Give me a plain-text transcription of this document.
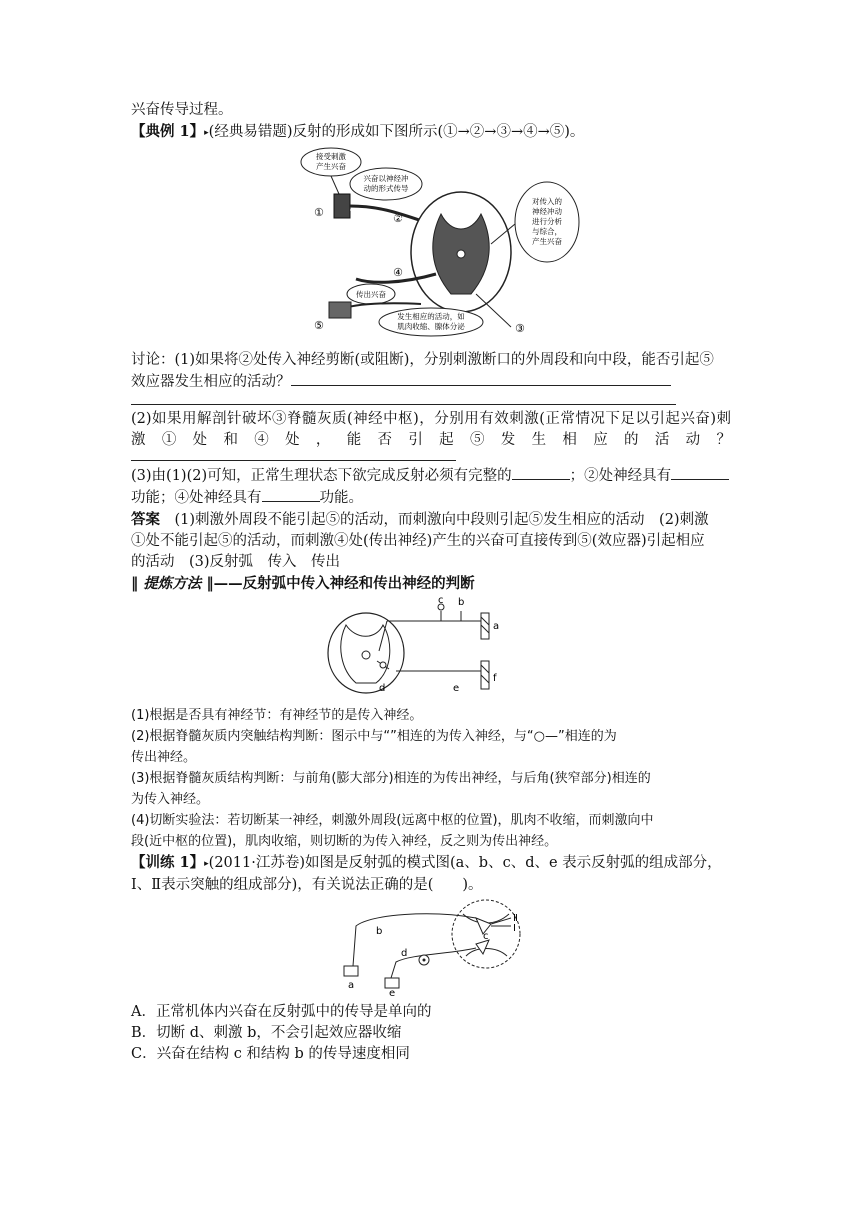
兴奋传导过程。

【典例 1】▸(经典易错题)反射的形成如下图所示(①→②→③→④→⑤)。

接受刺激
产生兴奋
①
兴奋以神经冲
动的形式传导
②
对传入的
神经冲动
进行分析
与综合，
产生兴奋
④
传出兴奋
⑤
发生相应的活动，如
肌肉收缩、腺体分泌	③

讨论：(1)如果将②处传入神经剪断(或阻断)，分别刺激断口的外周段和向中段，能否引起⑤

效应器发生相应的活动？

(2)如果用解剖针破坏③脊髓灰质(神经中枢)，分别用有效刺激(正常情况下足以引起兴奋)刺

激 ① 处 和 ④ 处 ， 能 否 引 起 ⑤ 发 生 相 应 的 活 动 ？

(3)由(1)(2)可知，正常生理状态下欲完成反射必须有完整的	；②处神经具有

功能；④处神经具有	功能。

答案　 (1)刺激外周段不能引起⑤的活动，而刺激向中段则引起⑤发生相应的活动　(2)刺激

①处不能引起⑤的活动，而刺激④处(传出神经)产生的兴奋可直接传到⑤(效应器)引起相应

的活动　(3)反射弧　传入　传出

‖ 提炼方法 ‖——反射弧中传入神经和传出神经的判断

c b
a
f
d	e

(1)根据是否具有神经节：有神经节的是传入神经。

(2)根据脊髓灰质内突触结构判断：图示中与“”相连的为传入神经，与“○—”相连的为

传出神经。

(3)根据脊髓灰质结构判断：与前角(膨大部分)相连的为传出神经，与后角(狭窄部分)相连的

为传入神经。

(4)切断实验法：若切断某一神经，刺激外周段(远离中枢的位置)，肌肉不收缩，而刺激向中

段(近中枢的位置)，肌肉收缩，则切断的为传入神经，反之则为传出神经。

【训练 1】▸(2011·江苏卷)如图是反射弧的模式图(a、b、c、d、e 表示反射弧的组成部分，

Ⅰ、Ⅱ表示突触的组成部分)，有关说法正确的是(　　)。

Ⅱ
Ⅰ
c
b
a
d
e

A．正常机体内兴奋在反射弧中的传导是单向的

B．切断 d、刺激 b，不会引起效应器收缩

C．兴奋在结构 c 和结构 b 的传导速度相同
